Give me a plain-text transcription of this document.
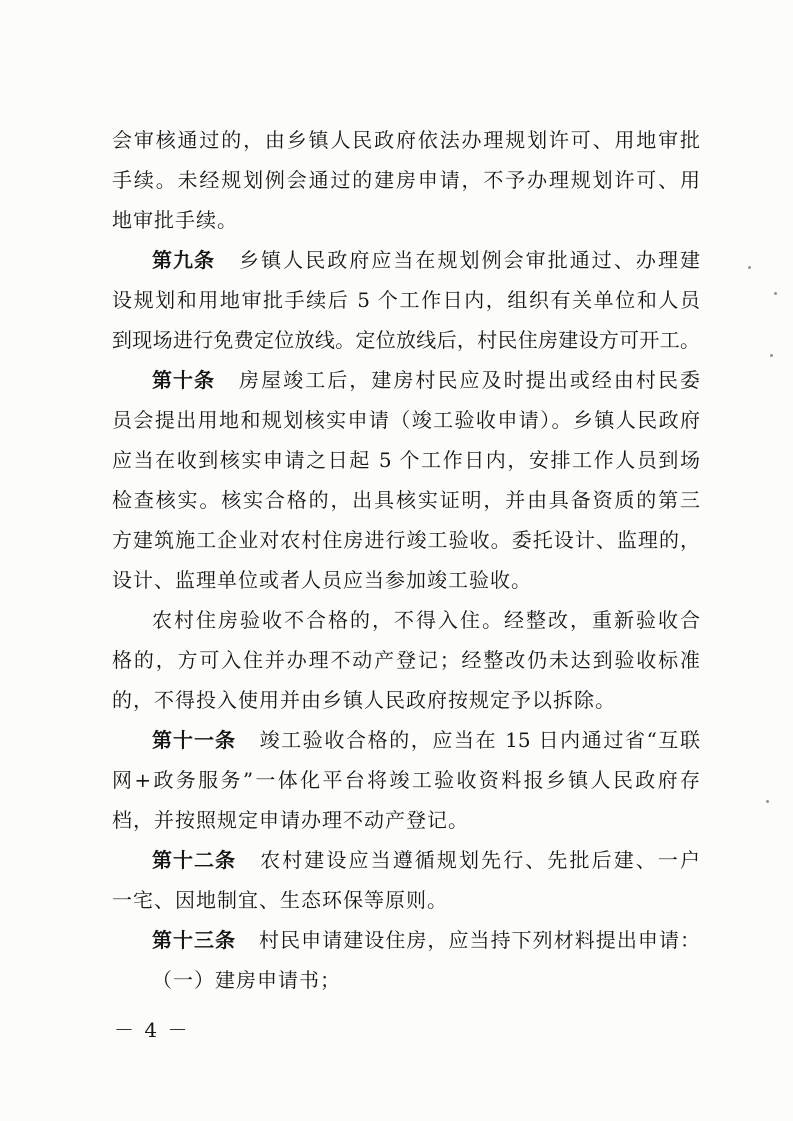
会审核通过的，由乡镇人民政府依法办理规划许可、用地审批
手续。未经规划例会通过的建房申请，不予办理规划许可、用
地审批手续。
第九条 乡镇人民政府应当在规划例会审批通过、办理建
设规划和用地审批手续后 5 个工作日内，组织有关单位和人员
到现场进行免费定位放线。定位放线后，村民住房建设方可开工。
第十条 房屋竣工后，建房村民应及时提出或经由村民委
员会提出用地和规划核实申请（竣工验收申请）。乡镇人民政府
应当在收到核实申请之日起 5 个工作日内，安排工作人员到场
检查核实。核实合格的，出具核实证明，并由具备资质的第三
方建筑施工企业对农村住房进行竣工验收。委托设计、监理的，
设计、监理单位或者人员应当参加竣工验收。
农村住房验收不合格的，不得入住。经整改，重新验收合
格的，方可入住并办理不动产登记；经整改仍未达到验收标准
的，不得投入使用并由乡镇人民政府按规定予以拆除。
第十一条 竣工验收合格的，应当在 15 日内通过省“互联
网+政务服务”一体化平台将竣工验收资料报乡镇人民政府存
档，并按照规定申请办理不动产登记。
第十二条 农村建设应当遵循规划先行、先批后建、一户
一宅、因地制宜、生态环保等原则。
第十三条 村民申请建设住房，应当持下列材料提出申请：
（一）建房申请书；
－ 4 －
